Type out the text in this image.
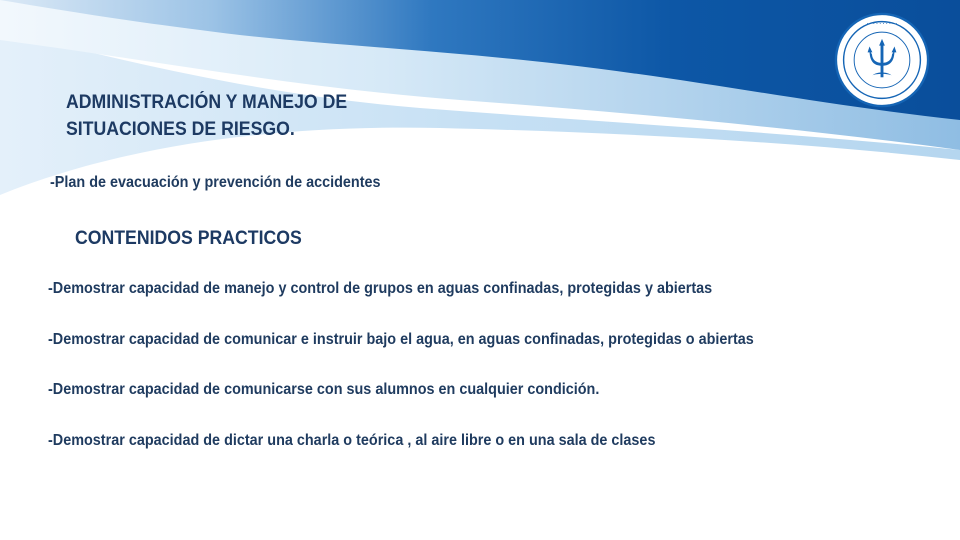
· · · · · · · · · ·

ADMINISTRACIÓN Y MANEJO DE
SITUACIONES DE RIESGO.

-Plan de evacuación y prevención de accidentes

CONTENIDOS PRACTICOS

-Demostrar capacidad de manejo y control de grupos en aguas confinadas, protegidas y abiertas

-Demostrar capacidad de comunicar e instruir bajo el agua, en aguas confinadas, protegidas o abiertas

-Demostrar capacidad de comunicarse con sus alumnos en cualquier condición.

-Demostrar capacidad de dictar una charla o teórica , al aire libre o en una sala de clases
